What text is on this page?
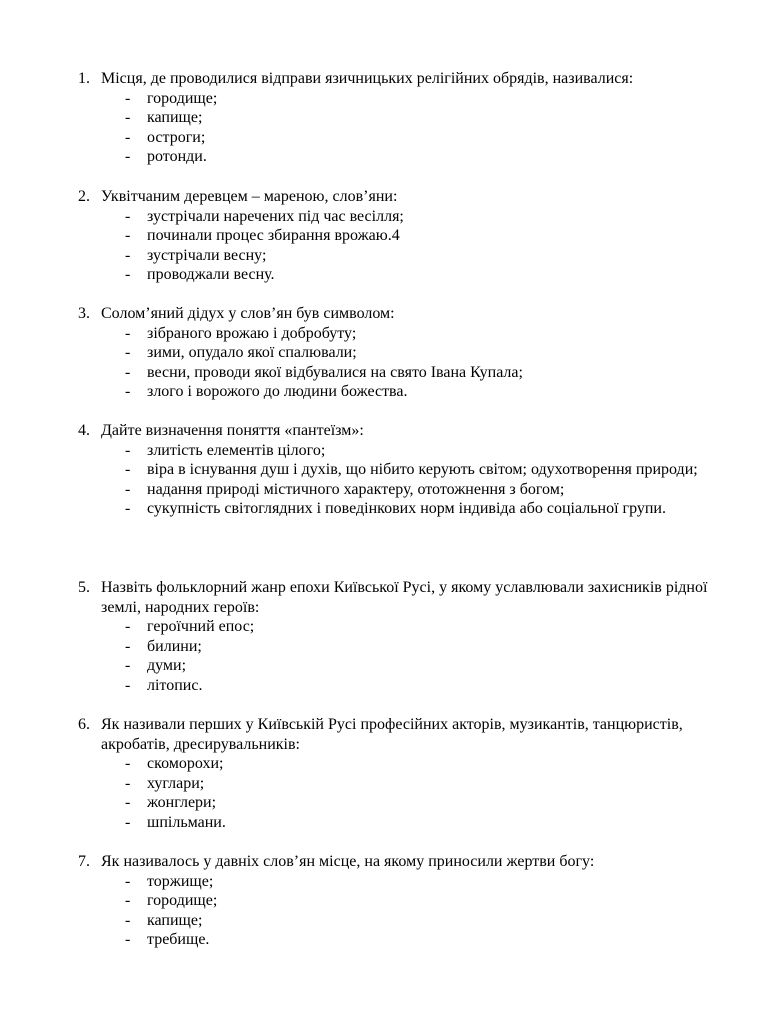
1. Місця, де проводилися відправи язичницьких релігійних обрядів, називалися:
- городище;
- капище;
- остроги;
- ротонди.
2. Уквітчаним деревцем – мареною, слов’яни:
- зустрічали наречених під час весілля;
- починали процес збирання врожаю.4
- зустрічали весну;
- проводжали весну.
3. Солом’яний дідух у слов’ян був символом:
- зібраного врожаю і добробуту;
- зими, опудало якої спалювали;
- весни, проводи якої відбувалися на свято Івана Купала;
- злого і ворожого до людини божества.
4. Дайте визначення поняття «пантеїзм»:
- злитість елементів цілого;
- віра в існування душ і духів, що нібито керують світом; одухотворення природи;
- надання природі містичного характеру, ототожнення з богом;
- сукупність світоглядних і поведінкових норм індивіда або соціальної групи.
5. Назвіть фольклорний жанр епохи Київської Русі, у якому уславлювали захисників рідної землі, народних героїв:
- героїчний епос;
- билини;
- думи;
- літопис.
6. Як називали перших у Київській Русі професійних акторів, музикантів, танцюристів, акробатів, дресирувальників:
- скоморохи;
- хуглари;
- жонглери;
- шпільмани.
7. Як називалось у давніх слов’ян місце, на якому приносили жертви богу:
- торжище;
- городище;
- капище;
- требище.
